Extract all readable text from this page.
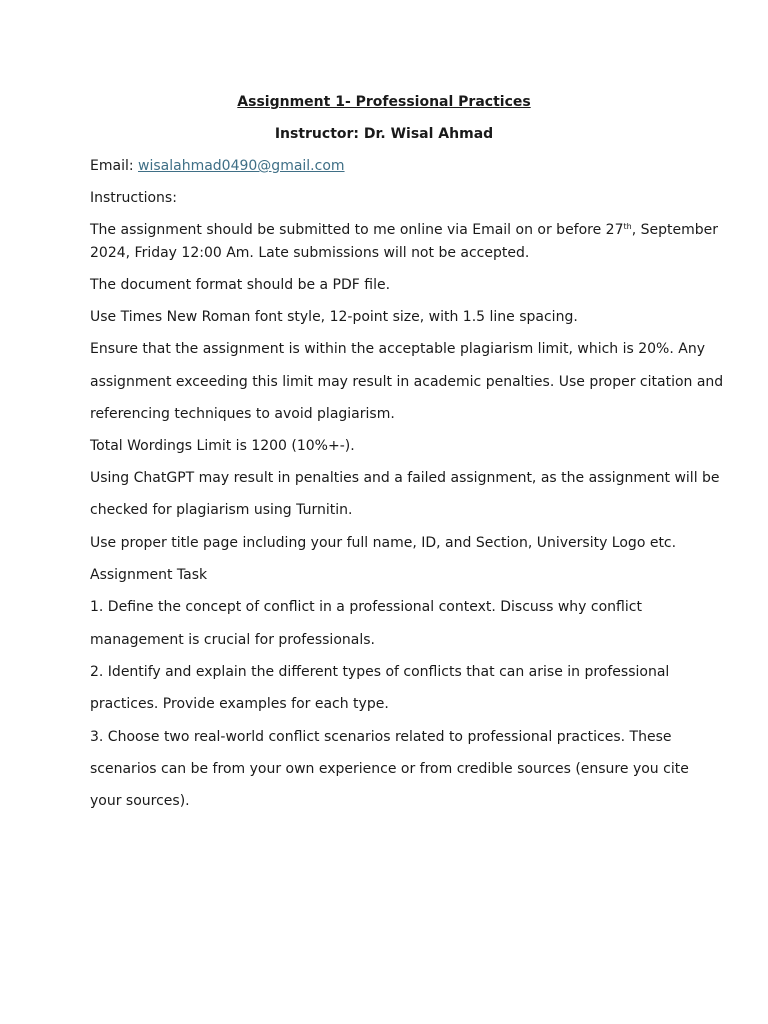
Assignment 1- Professional Practices

Instructor: Dr. Wisal Ahmad

Email: wisalahmad0490@gmail.com

Instructions:

The assignment should be submitted to me online via Email on or before 27th, September

2024, Friday 12:00 Am. Late submissions will not be accepted.

The document format should be a PDF file.

Use Times New Roman font style, 12-point size, with 1.5 line spacing.

Ensure that the assignment is within the acceptable plagiarism limit, which is 20%. Any

assignment exceeding this limit may result in academic penalties. Use proper citation and

referencing techniques to avoid plagiarism.

Total Wordings Limit is 1200 (10%+-).

Using ChatGPT may result in penalties and a failed assignment, as the assignment will be

checked for plagiarism using Turnitin.

Use proper title page including your full name, ID, and Section, University Logo etc.

Assignment Task

1. Define the concept of conflict in a professional context. Discuss why conflict

management is crucial for professionals.

2. Identify and explain the different types of conflicts that can arise in professional

practices. Provide examples for each type.

3. Choose two real-world conflict scenarios related to professional practices. These

scenarios can be from your own experience or from credible sources (ensure you cite

your sources).
